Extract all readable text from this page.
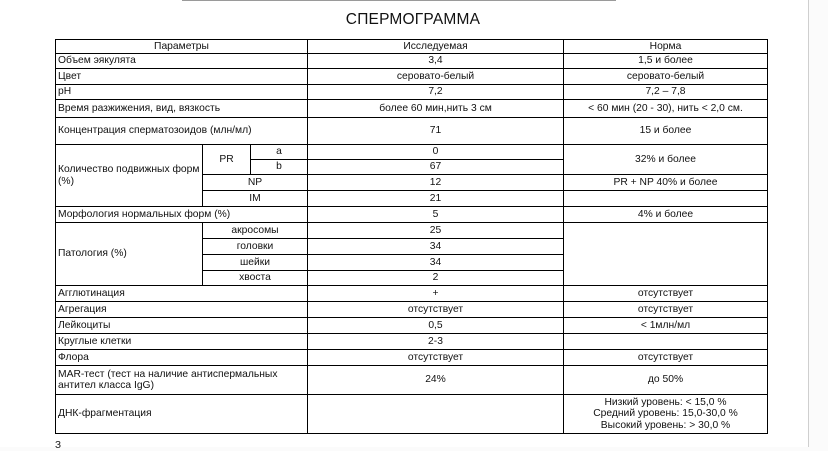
СПЕРМОГРАММА
Параметры			Исследуемая	Норма
Объем эякулята			3,4	1,5 и более
Цвет			серовато-белый	серовато-белый
pH			7,2	7,2 – 7,8
Время разжижения, вид, вязкость			более 60 мин,нить 3 см	< 60 мин (20 - 30), нить < 2,0 см.
Концентрация сперматозоидов (млн/мл)			71	15 и более
Количество подвижных форм (%)	PR	a	0	32% и более
		b	67	
	NP		12	PR + NP 40% и более
	IM		21	
Морфология нормальных форм (%)			5	4% и более
Патология (%)	акросомы		25	
	головки		34	
	шейки		34	
	хвоста		2	
Агглютинация			+	отсутствует
Агрегация			отсутствует	отсутствует
Лейкоциты			0,5	< 1млн/мл
Круглые клетки			2-3	
Флора			отсутствует	отсутствует
MAR-тест (тест на наличие антиспермальных антител класса IgG)			24%	до 50%
ДНК-фрагментация				Низкий уровень: < 15,0 %
Средний уровень: 15,0-30,0 %
Высокий уровень: > 30,0 %
З
